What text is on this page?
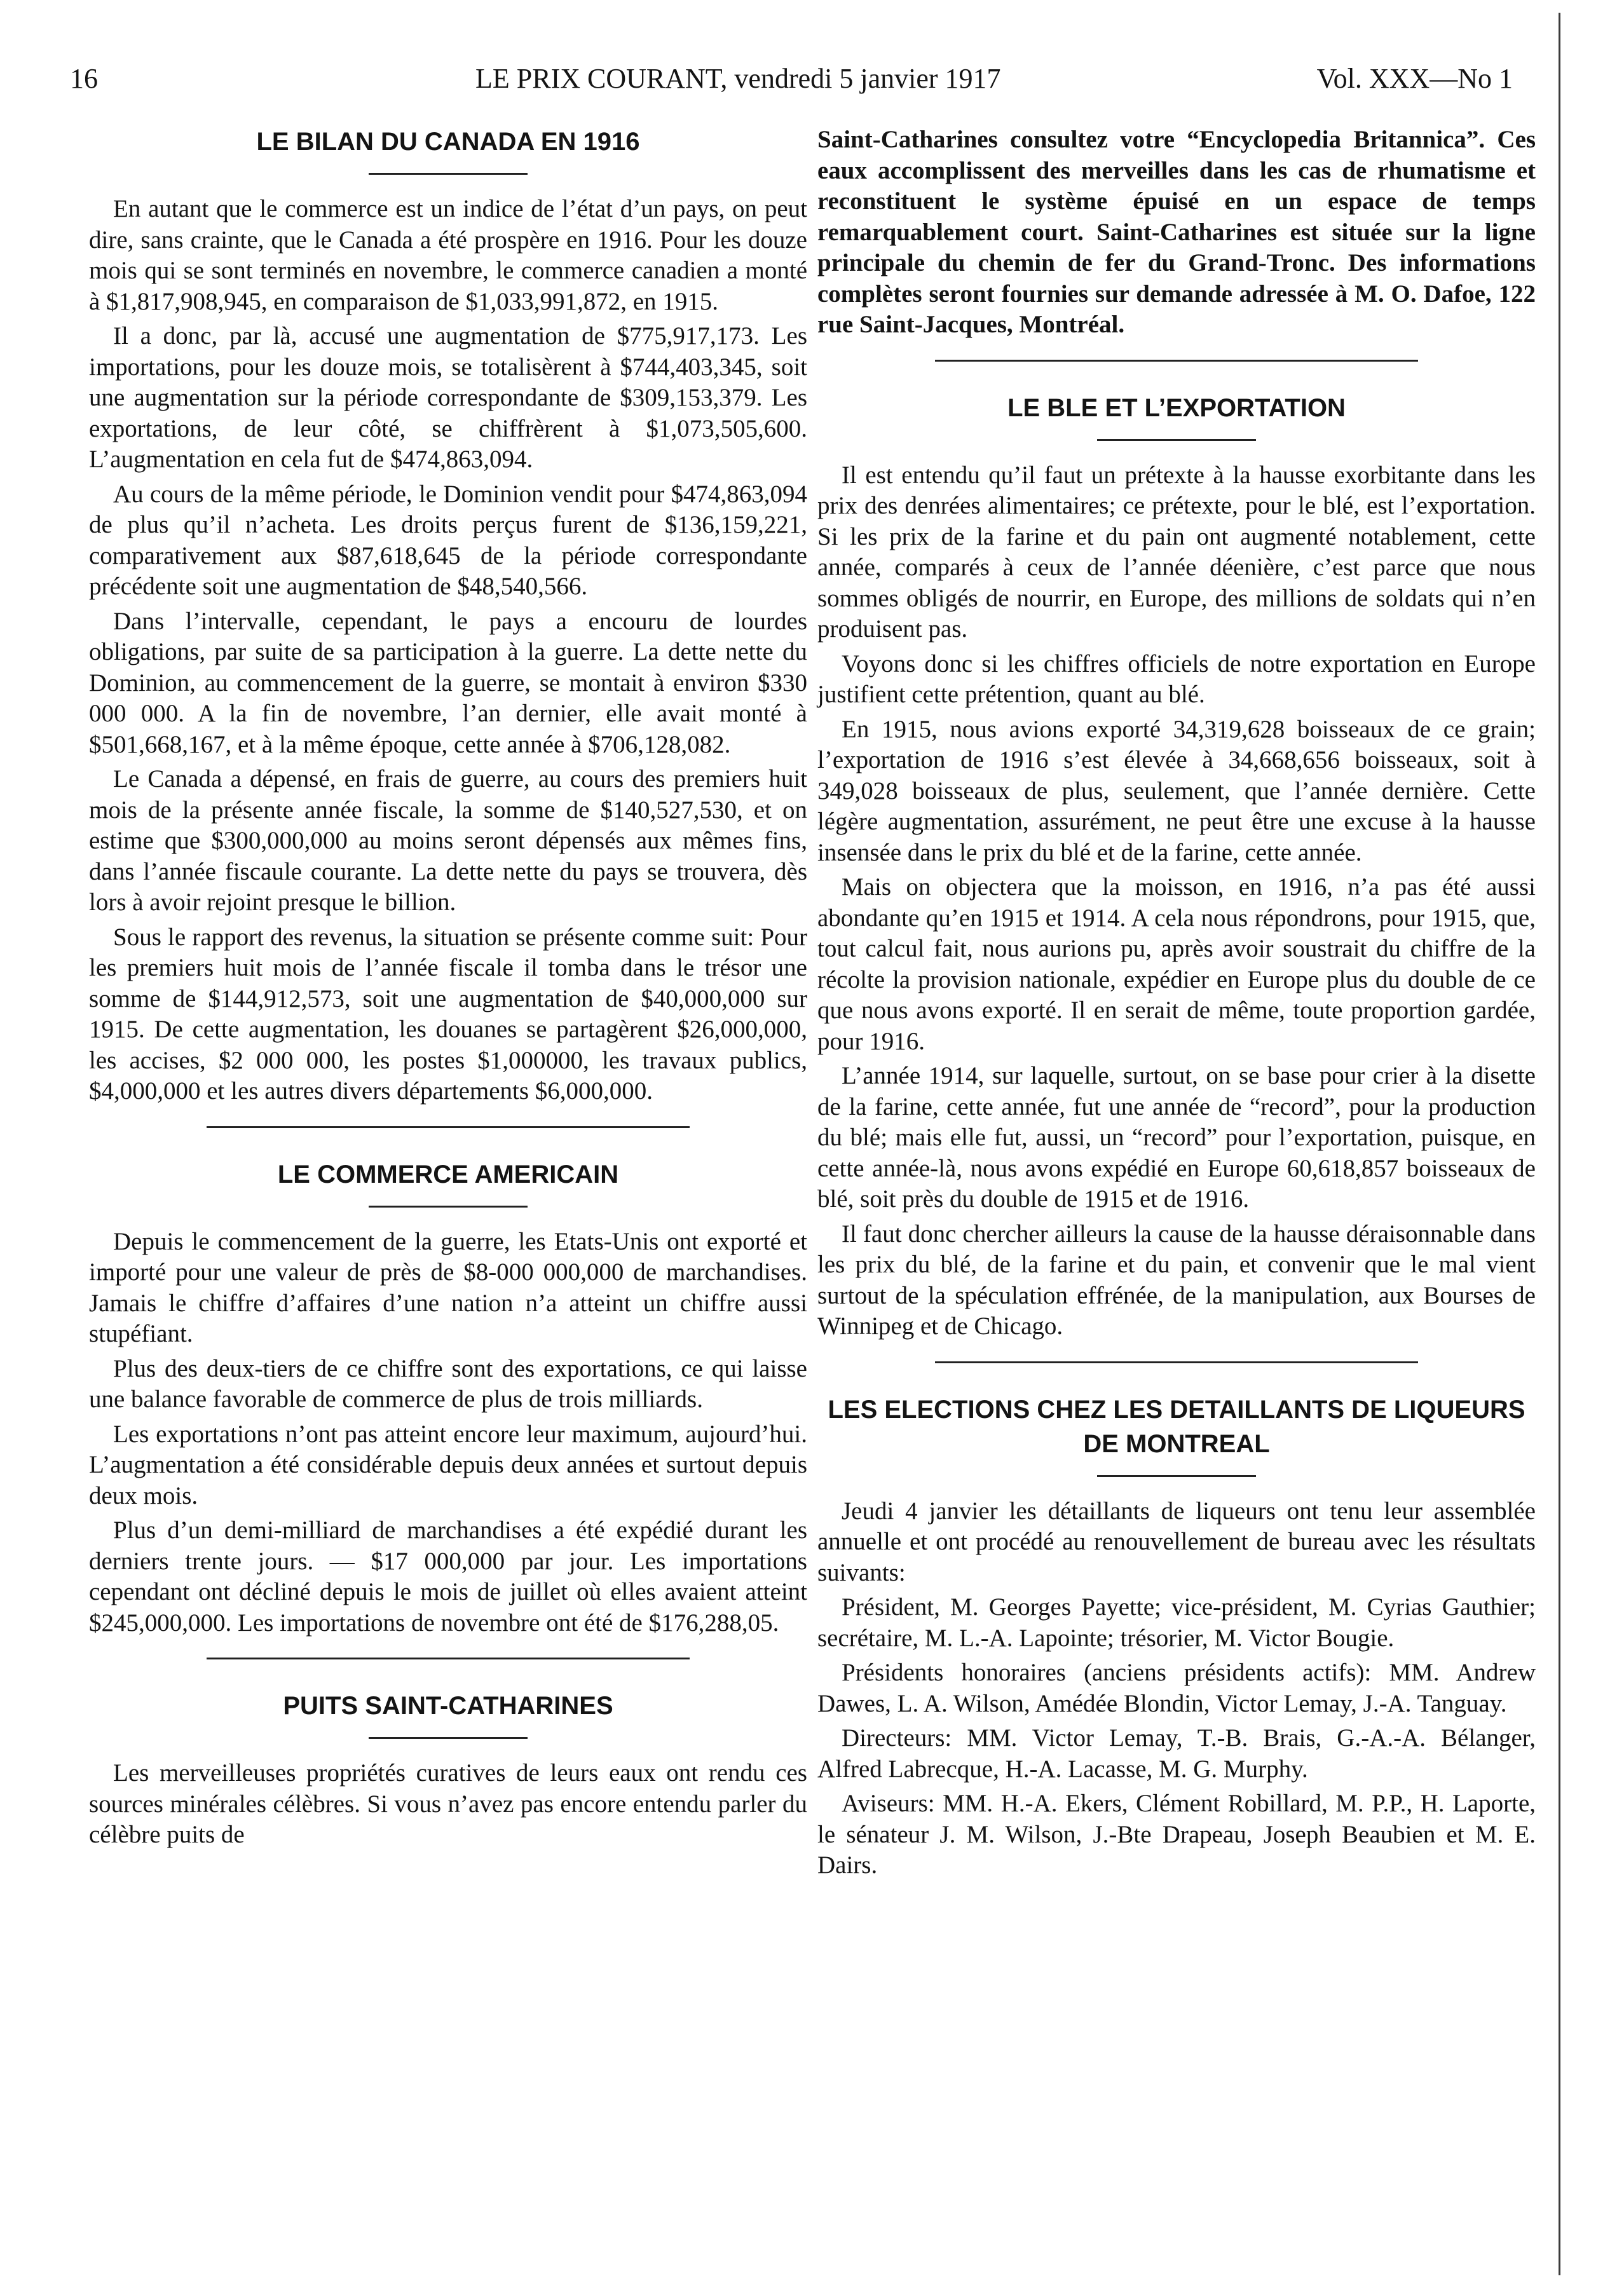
16	LE PRIX COURANT, vendredi 5 janvier 1917	Vol. XXX—No 1
LE BILAN DU CANADA EN 1916

En autant que le commerce est un indice de l’état d’un pays, on peut dire, sans crainte, que le Canada a été prospère en 1916. Pour les douze mois qui se sont terminés en novembre, le commerce canadien a monté à $1,817,908,945, en comparaison de $1,033,991,872, en 1915.

Il a donc, par là, accusé une augmentation de $775,917,173. Les importations, pour les douze mois, se totalisèrent à $744,403,345, soit une augmentation sur la période correspondante de $309,153,379. Les exportations, de leur côté, se chiffrèrent à $1,073,505,600. L’augmentation en cela fut de $474,863,094.

Au cours de la même période, le Dominion vendit pour $474,863,094 de plus qu’il n’acheta. Les droits perçus furent de $136,159,221, comparativement aux $87,618,645 de la période correspondante précédente soit une augmentation de $48,540,566.

Dans l’intervalle, cependant, le pays a encouru de lourdes obligations, par suite de sa participation à la guerre. La dette nette du Dominion, au commencement de la guerre, se montait à environ $330 000 000. A la fin de novembre, l’an dernier, elle avait monté à $501,668,167, et à la même époque, cette année à $706,128,082.

Le Canada a dépensé, en frais de guerre, au cours des premiers huit mois de la présente année fiscale, la somme de $140,527,530, et on estime que $300,000,000 au moins seront dépensés aux mêmes fins, dans l’année fiscaule courante. La dette nette du pays se trouvera, dès lors à avoir rejoint presque le billion.

Sous le rapport des revenus, la situation se présente comme suit: Pour les premiers huit mois de l’année fiscale il tomba dans le trésor une somme de $144,912,573, soit une augmentation de $40,000,000 sur 1915. De cette augmentation, les douanes se partagèrent $26,000,000, les accises, $2 000 000, les postes $1,000000, les travaux publics, $4,000,000 et les autres divers départements $6,000,000.

LE COMMERCE AMERICAIN

Depuis le commencement de la guerre, les Etats-Unis ont exporté et importé pour une valeur de près de $8-000 000,000 de marchandises. Jamais le chiffre d’affaires d’une nation n’a atteint un chiffre aussi stupéfiant.

Plus des deux-tiers de ce chiffre sont des exportations, ce qui laisse une balance favorable de commerce de plus de trois milliards.

Les exportations n’ont pas atteint encore leur maximum, aujourd’hui. L’augmentation a été considérable depuis deux années et surtout depuis deux mois.

Plus d’un demi-milliard de marchandises a été expédié durant les derniers trente jours. — $17 000,000 par jour. Les importations cependant ont décliné depuis le mois de juillet où elles avaient atteint $245,000,000. Les importations de novembre ont été de $176,288,05.

PUITS SAINT-CATHARINES

Les merveilleuses propriétés curatives de leurs eaux ont rendu ces sources minérales célèbres. Si vous n’avez pas encore entendu parler du célèbre puits de

Saint-Catharines consultez votre “Encyclopedia Britannica”. Ces eaux accomplissent des merveilles dans les cas de rhumatisme et reconstituent le système épuisé en un espace de temps remarquablement court. Saint-Catharines est située sur la ligne principale du chemin de fer du Grand-Tronc. Des informations complètes seront fournies sur demande adressée à M. O. Dafoe, 122 rue Saint-Jacques, Montréal.

LE BLE ET L’EXPORTATION

Il est entendu qu’il faut un prétexte à la hausse exorbitante dans les prix des denrées alimentaires; ce prétexte, pour le blé, est l’exportation. Si les prix de la farine et du pain ont augmenté notablement, cette année, comparés à ceux de l’année déenière, c’est parce que nous sommes obligés de nourrir, en Europe, des millions de soldats qui n’en produisent pas.

Voyons donc si les chiffres officiels de notre exportation en Europe justifient cette prétention, quant au blé.

En 1915, nous avions exporté 34,319,628 boisseaux de ce grain; l’exportation de 1916 s’est élevée à 34,668,656 boisseaux, soit à 349,028 boisseaux de plus, seulement, que l’année dernière. Cette légère augmentation, assurément, ne peut être une excuse à la hausse insensée dans le prix du blé et de la farine, cette année.

Mais on objectera que la moisson, en 1916, n’a pas été aussi abondante qu’en 1915 et 1914. A cela nous répondrons, pour 1915, que, tout calcul fait, nous aurions pu, après avoir soustrait du chiffre de la récolte la provision nationale, expédier en Europe plus du double de ce que nous avons exporté. Il en serait de même, toute proportion gardée, pour 1916.

L’année 1914, sur laquelle, surtout, on se base pour crier à la disette de la farine, cette année, fut une année de “record”, pour la production du blé; mais elle fut, aussi, un “record” pour l’exportation, puisque, en cette année-là, nous avons expédié en Europe 60,618,857 boisseaux de blé, soit près du double de 1915 et de 1916.

Il faut donc chercher ailleurs la cause de la hausse déraisonnable dans les prix du blé, de la farine et du pain, et convenir que le mal vient surtout de la spéculation effrénée, de la manipulation, aux Bourses de Winnipeg et de Chicago.

LES ELECTIONS CHEZ LES DETAILLANTS DE LIQUEURS DE MONTREAL

Jeudi 4 janvier les détaillants de liqueurs ont tenu leur assemblée annuelle et ont procédé au renouvellement de bureau avec les résultats suivants:

Président, M. Georges Payette; vice-président, M. Cyrias Gauthier; secrétaire, M. L.-A. Lapointe; trésorier, M. Victor Bougie.

Présidents honoraires (anciens présidents actifs): MM. Andrew Dawes, L. A. Wilson, Amédée Blondin, Victor Lemay, J.-A. Tanguay.

Directeurs: MM. Victor Lemay, T.-B. Brais, G.-A.-A. Bélanger, Alfred Labrecque, H.-A. Lacasse, M. G. Murphy.

Aviseurs: MM. H.-A. Ekers, Clément Robillard, M. P.P., H. Laporte, le sénateur J. M. Wilson, J.-Bte Drapeau, Joseph Beaubien et M. E. Dairs.
